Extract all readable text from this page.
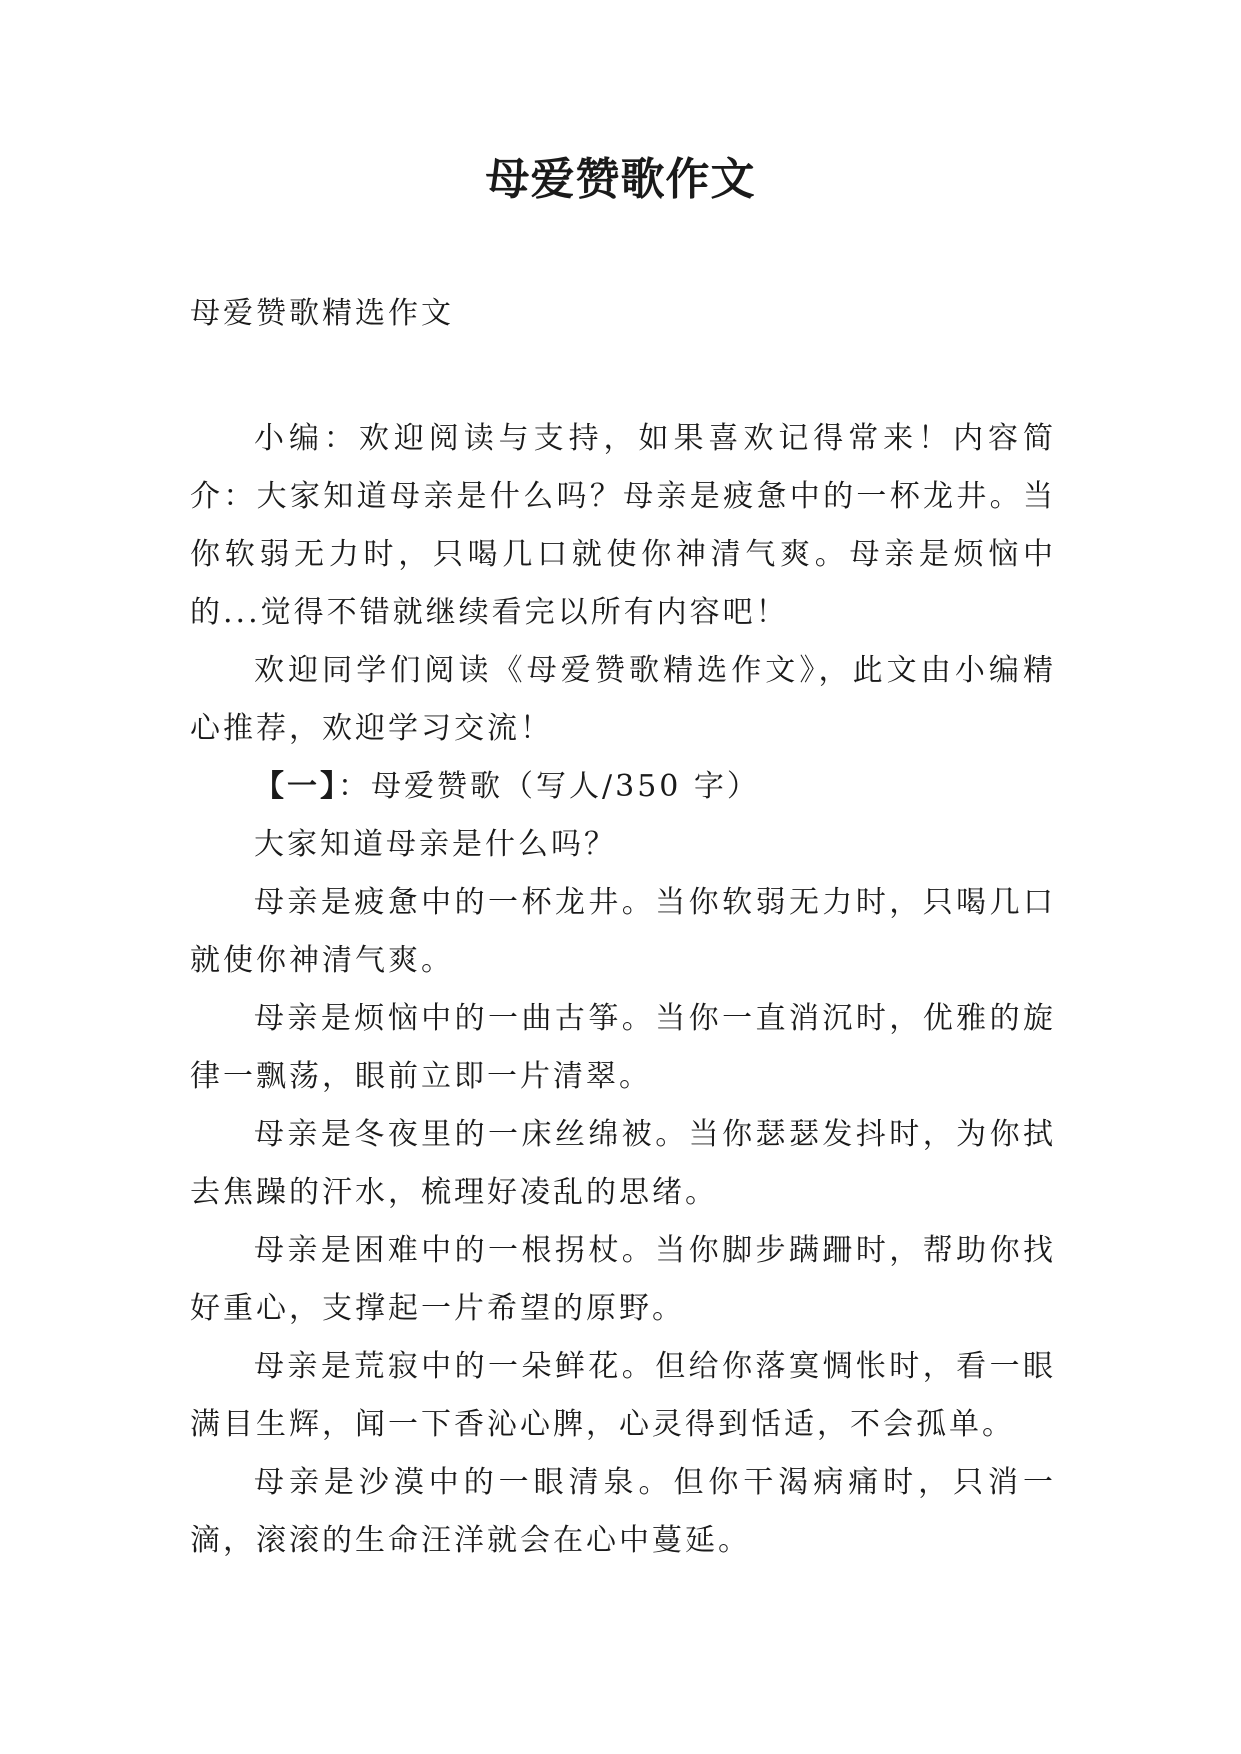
母爱赞歌作文

母爱赞歌精选作文

小编：欢迎阅读与支持，如果喜欢记得常来！内容简介：大家知道母亲是什么吗？母亲是疲惫中的一杯龙井。当你软弱无力时，只喝几口就使你神清气爽。母亲是烦恼中的...觉得不错就继续看完以所有内容吧！

欢迎同学们阅读《母爱赞歌精选作文》，此文由小编精心推荐，欢迎学习交流！

【一】：母爱赞歌（写人/350 字）

大家知道母亲是什么吗？

母亲是疲惫中的一杯龙井。当你软弱无力时，只喝几口就使你神清气爽。

母亲是烦恼中的一曲古筝。当你一直消沉时，优雅的旋律一飘荡，眼前立即一片清翠。

母亲是冬夜里的一床丝绵被。当你瑟瑟发抖时，为你拭去焦躁的汗水，梳理好凌乱的思绪。

母亲是困难中的一根拐杖。当你脚步蹒跚时，帮助你找好重心，支撑起一片希望的原野。

母亲是荒寂中的一朵鲜花。但给你落寞惆怅时，看一眼满目生辉，闻一下香沁心脾，心灵得到恬适，不会孤单。

母亲是沙漠中的一眼清泉。但你干渴病痛时，只消一滴，滚滚的生命汪洋就会在心中蔓延。
